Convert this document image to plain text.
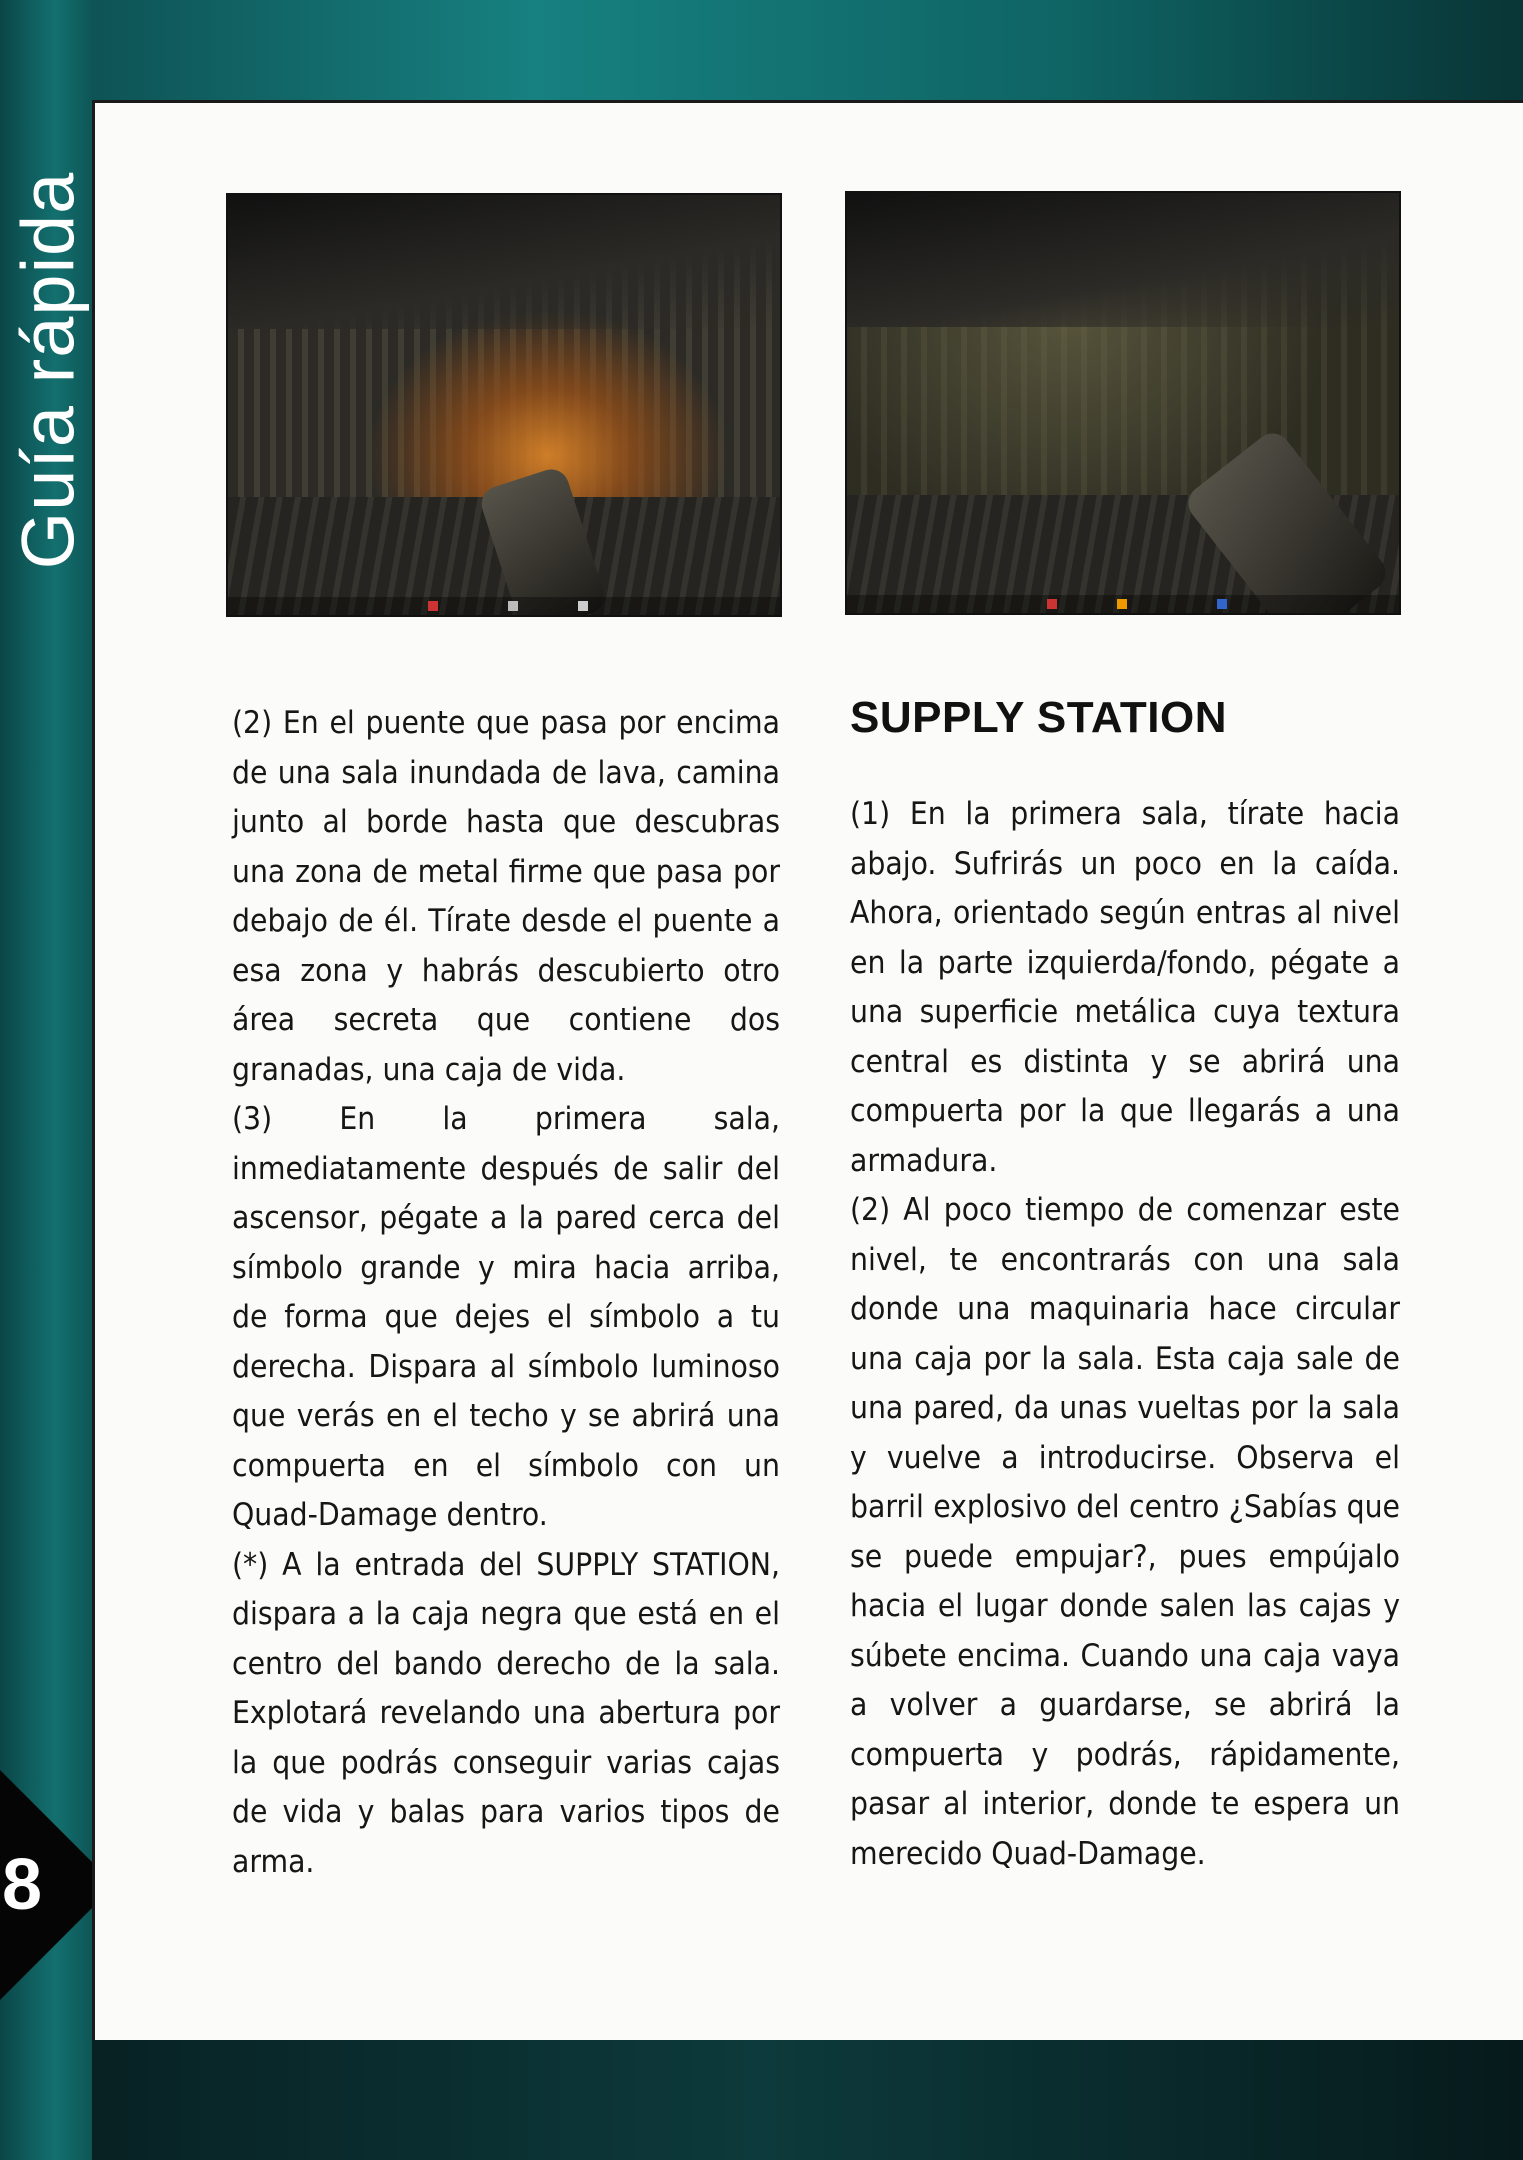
Guía rápida
8

(2) En el puente que pasa por encima de una sala inundada de lava, camina junto al borde hasta que descubras una zona de metal firme que pasa por debajo de él. Tírate desde el puente a esa zona y habrás descubierto otro área secreta que contiene dos granadas, una caja de vida.

(3) En la primera sala, inmediatamente después de salir del ascensor, pégate a la pared cerca del símbolo grande y mira hacia arriba, de forma que dejes el símbolo a tu derecha. Dispara al símbolo luminoso que verás en el techo y se abrirá una compuerta en el símbolo con un Quad-Damage dentro.

(*) A la entrada del SUPPLY STATION, dispara a la caja negra que está en el centro del bando derecho de la sala. Explotará revelando una abertura por la que podrás conseguir varias cajas de vida y balas para varios tipos de arma.

SUPPLY STATION

(1) En la primera sala, tírate hacia abajo. Sufrirás un poco en la caída. Ahora, orientado según entras al nivel en la parte izquierda/fondo, pégate a una superficie metálica cuya textura central es distinta y se abrirá una compuerta por la que llegarás a una armadura.

(2) Al poco tiempo de comenzar este nivel, te encontrarás con una sala donde una maquinaria hace circular una caja por la sala. Esta caja sale de una pared, da unas vueltas por la sala y vuelve a introducirse. Observa el barril explosivo del centro ¿Sabías que se puede empujar?, pues empújalo hacia el lugar donde salen las cajas y súbete encima. Cuando una caja vaya a volver a guardarse, se abrirá la compuerta y podrás, rápidamente, pasar al interior, donde te espera un merecido Quad-Damage.
